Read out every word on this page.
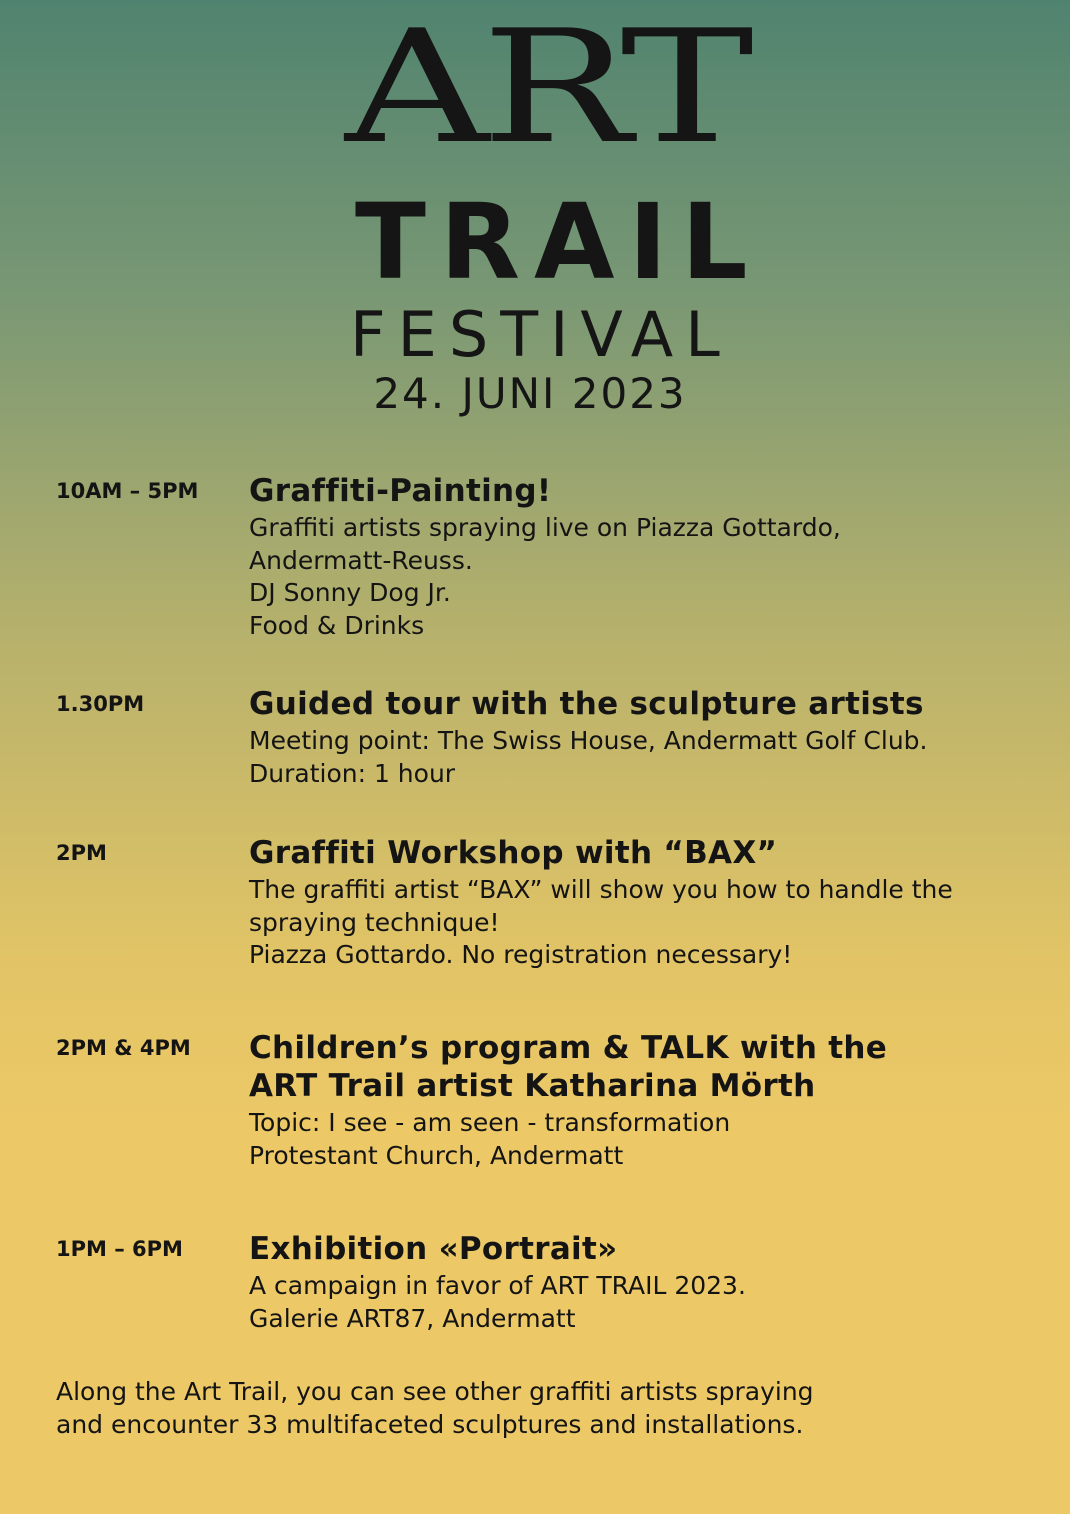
ART
TRAIL
FESTIVAL
24. JUNI 2023
10AM – 5PM Graffiti-Painting!
Graffiti artists spraying live on Piazza Gottardo,
Andermatt-Reuss.
DJ Sonny Dog Jr.
Food & Drinks
1.30PM	Guided tour with the sculpture artists
Meeting point: The Swiss House, Andermatt Golf Club.
Duration: 1 hour
2PM	Graffiti Workshop with “BAX”
The graffiti artist “BAX” will show you how to handle the
spraying technique!
Piazza Gottardo. No registration necessary!
2PM & 4PM Children’s program & TALK with the
ART Trail artist Katharina Mörth
Topic: I see - am seen - transformation
Protestant Church, Andermatt
1PM – 6PM Exhibition «Portrait»
A campaign in favor of ART TRAIL 2023.
Galerie ART87, Andermatt
Along the Art Trail, you can see other graffiti artists spraying
and encounter 33 multifaceted sculptures and installations.
